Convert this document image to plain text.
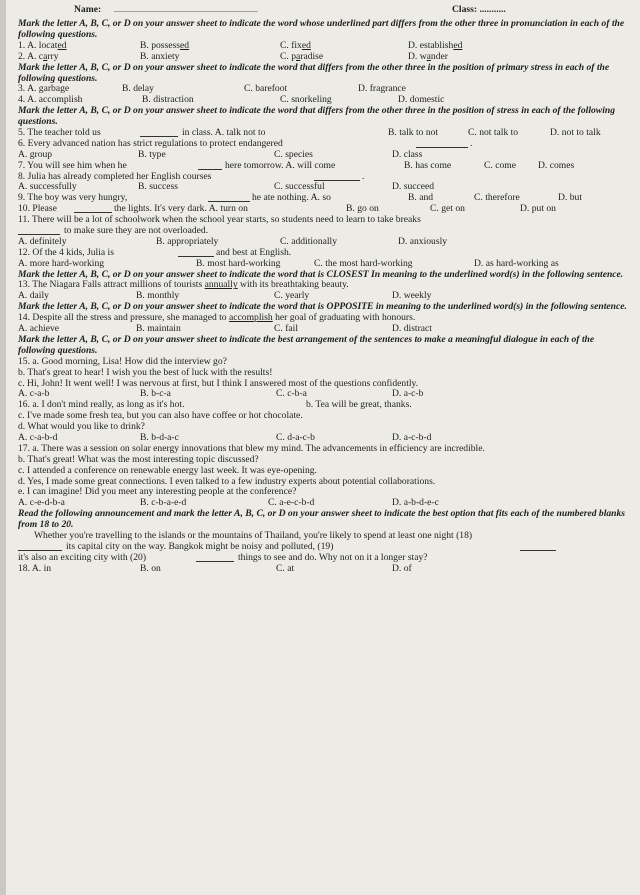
Name: ........................................................................	Class: ...........
Mark the letter A, B, C, or D on your answer sheet to indicate the word whose underlined part differs from the other three in pronunciation in each of the following questions.
1. A. located	B. possessed	C. fixed	D. established
2. A. carry	B. anxiety	C. paradise	D. wander
Mark the letter A, B, C, or D on your answer sheet to indicate the word that differs from the other three in the position of primary stress in each of the following questions.
3. A. garbage	B. delay	C. barefoot	D. fragrance
4. A. accomplish	B. distraction	C. snorkeling	D. domestic
Mark the letter A, B, C, or D on your answer sheet to indicate the word that differs from the other three in the position of stress in each of the following questions.
5. The teacher told us	in class. A. talk not to	B. talk to not	C. not talk to	D. not to talk
6. Every advanced nation has strict regulations to protect endangered	.
A. group	B. type	C. species	D. class
7. You will see him when he	here tomorrow. A. will come	B. has come	C. come D. comes
8. Julia has already completed her English courses	.
A. successfully	B. success	C. successful	D. succeed
9. The boy was very hungry,	he ate nothing. A. so	B. and	C. therefore	D. but
10. Please	the lights. It's very dark. A. turn on	B. go on	C. get on	D. put on
11. There will be a lot of schoolwork when the school year starts, so students need to learn to take breaks
to make sure they are not overloaded.
A. definitely	B. appropriately	C. additionally	D. anxiously
12. Of the 4 kids, Julia is	and best at English.
A. more hard-working	B. most hard-working	C. the most hard-working	D. as hard-working as
Mark the letter A, B, C, or D on your answer sheet to indicate the word that is CLOSEST In meaning to the underlined word(s) in the following sentence.
13. The Niagara Falls attract millions of tourists annually with its breathtaking beauty.
A. daily	B. monthly	C. yearly	D. weekly
Mark the letter A, B, C, or D on your answer sheet to indicate the word that is OPPOSITE in meaning to the underlined word(s) in the following sentence.
14. Despite all the stress and pressure, she managed to accomplish her goal of graduating with honours.
A. achieve	B. maintain	C. fail	D. distract
Mark the letter A, B, C, or D on your answer sheet to indicate the best arrangement of the sentences to make a meaningful dialogue in each of the following questions.
15. a. Good morning, Lisa! How did the interview go?
b. That's great to hear! I wish you the best of luck with the results!
c. Hi, John! It went well! I was nervous at first, but I think I answered most of the questions confidently.
A. c-a-b	B. b-c-a	C. c-b-a	D. a-c-b
16. a. I don't mind really, as long as it's hot.	b. Tea will be great, thanks.
c. I've made some fresh tea, but you can also have coffee or hot chocolate.
d. What would you like to drink?
A. c-a-b-d	B. b-d-a-c	C. d-a-c-b	D. a-c-b-d
17. a. There was a session on solar energy innovations that blew my mind. The advancements in efficiency are incredible.
b. That's great! What was the most interesting topic discussed?
c. I attended a conference on renewable energy last week. It was eye-opening.
d. Yes, I made some great connections. I even talked to a few industry experts about potential collaborations.
e. I can imagine! Did you meet any interesting people at the conference?
A. c-e-d-b-a	B. c-b-a-e-d	C. a-e-c-b-d	D. a-b-d-e-c
Read the following announcement and mark the letter A, B, C, or D on your answer sheet to indicate the best option that fits each of the numbered blanks from 18 to 20.
Whether you're travelling to the islands or the mountains of Thailand, you're likely to spend at least one night (18)
its capital city on the way. Bangkok might be noisy and polluted, (19)
it's also an exciting city with (20)	things to see and do. Why not on it a longer stay?
18. A. in	B. on	C. at	D. of
